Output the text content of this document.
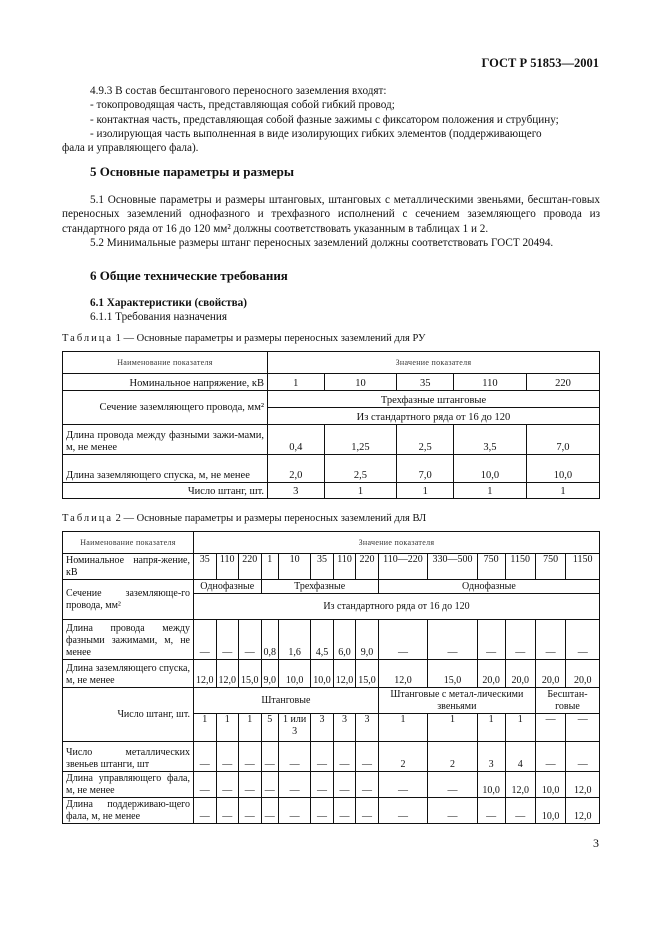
ГОСТ Р 51853—2001
4.9.3 В состав бесштангового переносного заземления входят:
- токопроводящая часть, представляющая собой гибкий провод;
- контактная часть, представляющая собой фазные зажимы с фиксатором положения и струбцину;
- изолирующая часть выполненная в виде изолирующих гибких элементов (поддерживающего
фала и управляющего фала).
5 Основные параметры и размеры
5.1 Основные параметры и размеры штанговых, штанговых с металлическими звеньями, бесштан-говых переносных заземлений однофазного и трехфазного исполнений с сечением заземляющего провода из стандартного ряда от 16 до 120 мм² должны соответствовать указанным в таблицах 1 и 2.
5.2 Минимальные размеры штанг переносных заземлений должны соответствовать ГОСТ 20494.
6 Общие технические требования
6.1 Характеристики (свойства)
6.1.1 Требования назначения
Таблица 1 — Основные параметры и размеры переносных заземлений для РУ
Наименование показателя	Значение показателя				
Номинальное напряжение, кВ	1	10	35	110	220
Сечение заземляющего провода, мм²	Трехфазные штанговые				
	Из стандартного ряда от 16 до 120				
Длина провода между фазными зажи-мами, м, не менее	0,4	1,25	2,5	3,5	7,0
Длина заземляющего спуска, м, не менее	2,0	2,5	7,0	10,0	10,0
Число штанг, шт.	3	1	1	1	1
Таблица 2 — Основные параметры и размеры переносных заземлений для ВЛ
Наименование показателя	Значение показателя													
Номинальное напря-жение, кВ	35	110	220	1	10	35	110	220	110—220	330—500	750	1150	750	1150
Сечение заземляюще-го провода, мм²	Однофазные			Трехфазные					Однофазные					
	Из стандартного ряда от 16 до 120													
Длина провода между фазными зажимами, м, не менее	—	—	—	0,8	1,6	4,5	6,0	9,0	—	—	—	—	—	—
Длина заземляющего спуска, м, не менее	12,0	12,0	15,0	9,0	10,0	10,0	12,0	15,0	12,0	15,0	20,0	20,0	20,0	20,0
Число штанг, шт.	Штанговые								Штанговые с метал-лическими звеньями				Бесштан-говые	
	1	1	1	5	1 или 3	3	3	3	1	1	1	1	—	—
Число металлических звеньев штанги, шт	—	—	—	—	—	—	—	—	2	2	3	4	—	—
Длина управляющего фала, м, не менее	—	—	—	—	—	—	—	—	—	—	10,0	12,0	10,0	12,0
Длина поддерживаю-щего фала, м, не менее	—	—	—	—	—	—	—	—	—	—	—	—	10,0	12,0
3
